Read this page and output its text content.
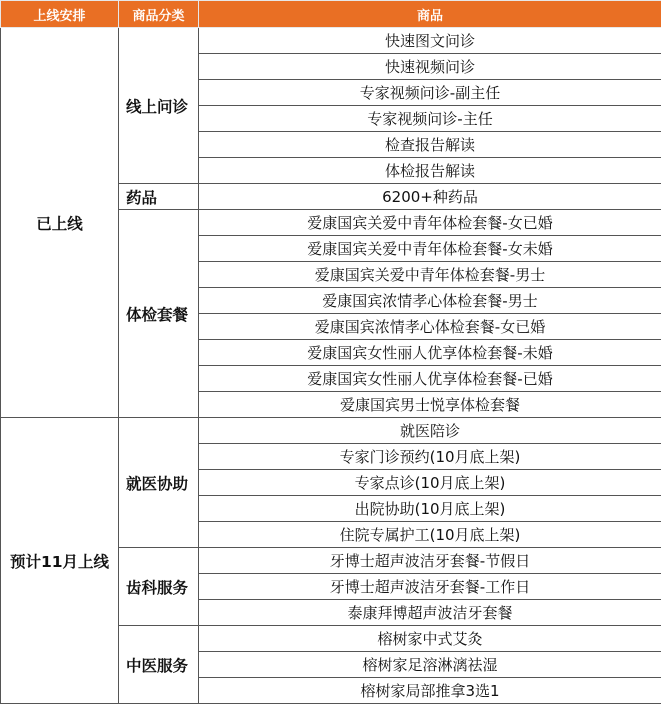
上线安排	商品分类	商品
已上线	线上问诊	快速图文问诊
		快速视频问诊
		专家视频问诊-副主任
		专家视频问诊-主任
		检查报告解读
		体检报告解读
	药品	6200+种药品
	体检套餐	爱康国宾关爱中青年体检套餐-女已婚
		爱康国宾关爱中青年体检套餐-女未婚
		爱康国宾关爱中青年体检套餐-男士
		爱康国宾浓情孝心体检套餐-男士
		爱康国宾浓情孝心体检套餐-女已婚
		爱康国宾女性丽人优享体检套餐-未婚
		爱康国宾女性丽人优享体检套餐-已婚
		爱康国宾男士悦享体检套餐
预计11月上线	就医协助	就医陪诊
		专家门诊预约(10月底上架)
		专家点诊(10月底上架)
		出院协助(10月底上架)
		住院专属护工(10月底上架)
	齿科服务	牙博士超声波洁牙套餐-节假日
		牙博士超声波洁牙套餐-工作日
		泰康拜博超声波洁牙套餐
	中医服务	榕树家中式艾灸
		榕树家足溶淋漓祛湿
		榕树家局部推拿3选1
